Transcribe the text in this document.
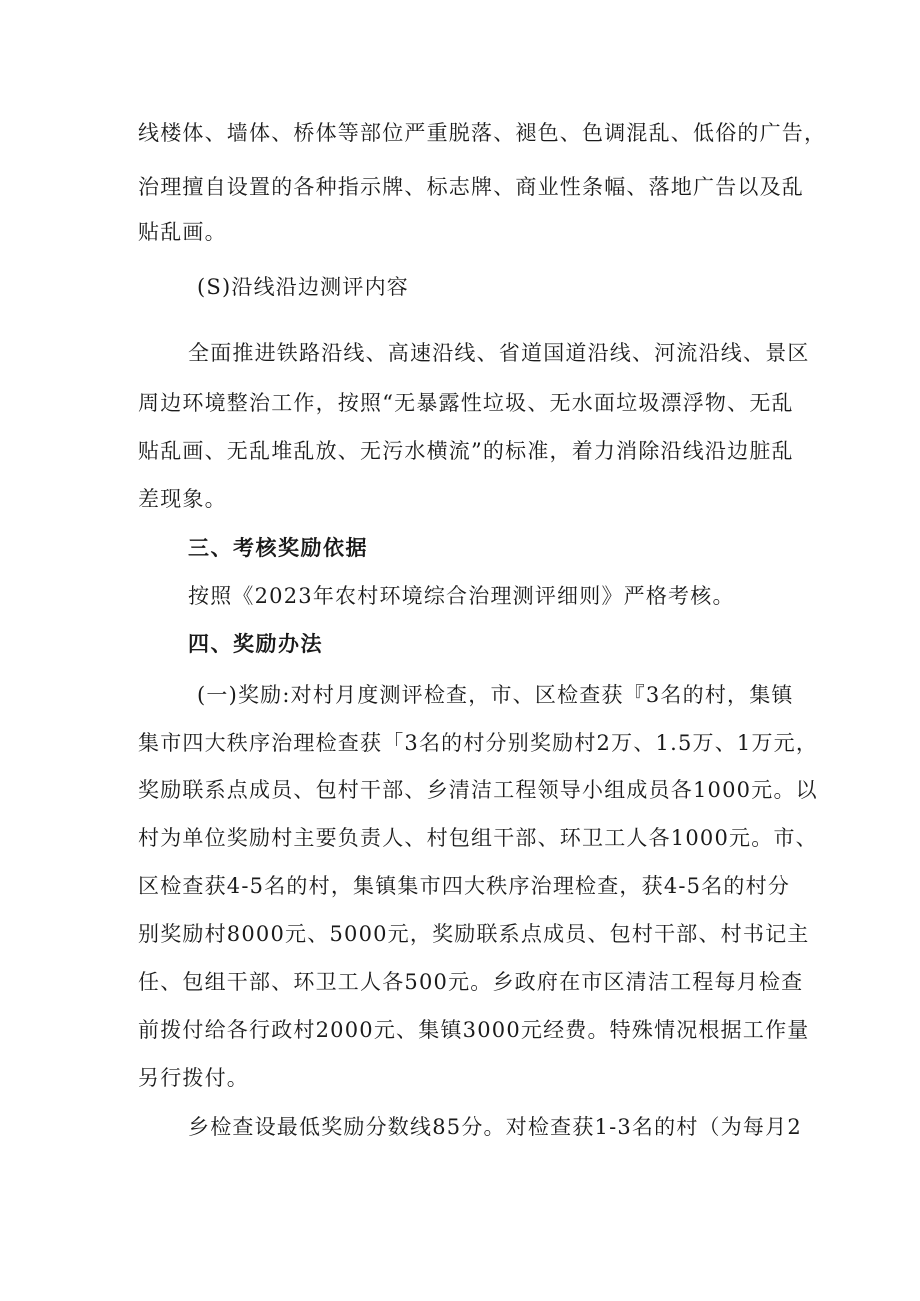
线楼体、墙体、桥体等部位严重脱落、褪色、色调混乱、低俗的广告，
治理擅自设置的各种指示牌、标志牌、商业性条幅、落地广告以及乱
贴乱画。
(S)沿线沿边测评内容
全面推进铁路沿线、高速沿线、省道国道沿线、河流沿线、景区
周边环境整治工作，按照“无暴露性垃圾、无水面垃圾漂浮物、无乱
贴乱画、无乱堆乱放、无污水横流”的标准，着力消除沿线沿边脏乱
差现象。
三、考核奖励依据
按照《2023年农村环境综合治理测评细则》严格考核。
四、奖励办法
(一)奖励:对村月度测评检查，市、区检查获『3名的村，集镇
集市四大秩序治理检查获「3名的村分别奖励村2万、1.5万、1万元，
奖励联系点成员、包村干部、乡清洁工程领导小组成员各1000元。以
村为单位奖励村主要负责人、村包组干部、环卫工人各1000元。市、
区检查获4-5名的村，集镇集市四大秩序治理检查，获4-5名的村分
别奖励村8000元、5000元，奖励联系点成员、包村干部、村书记主
任、包组干部、环卫工人各500元。乡政府在市区清洁工程每月检查
前拨付给各行政村2000元、集镇3000元经费。特殊情况根据工作量
另行拨付。
乡检查设最低奖励分数线85分。对检查获1-3名的村（为每月2
